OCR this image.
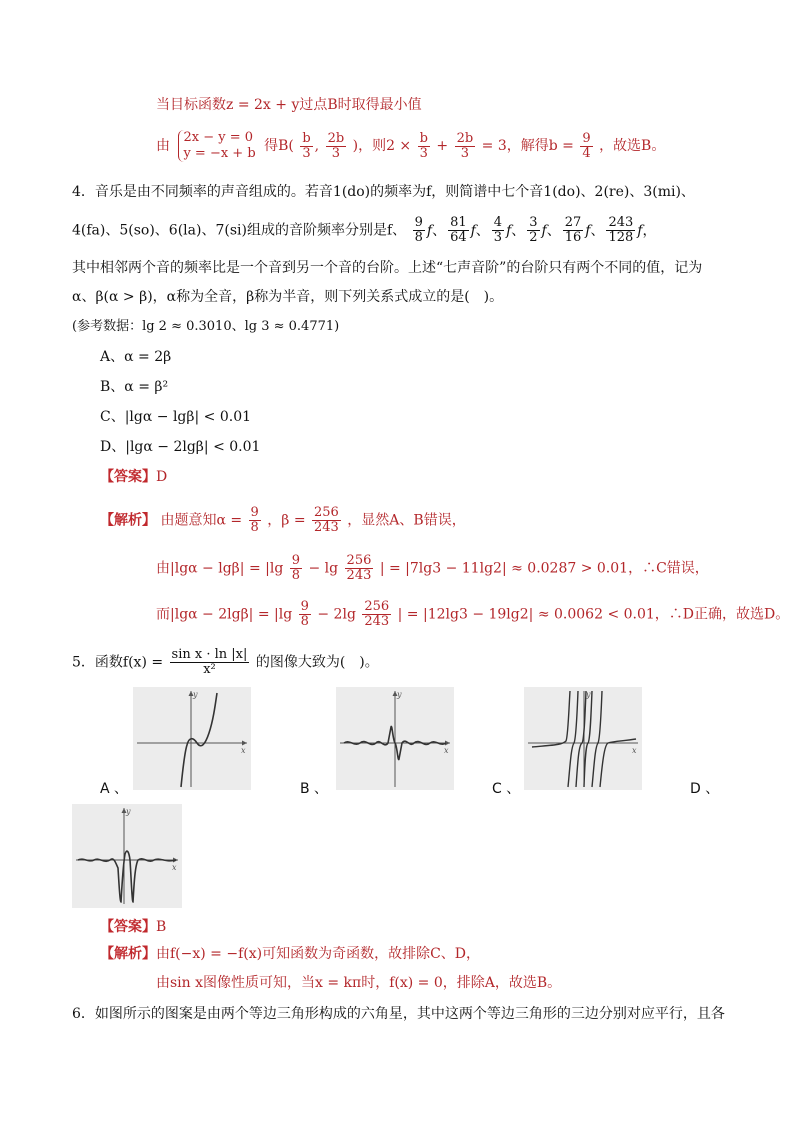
当目标函数z = 2x + y过点B时取得最小值
由
2x − y = 0
y = −x + b 得$B( \frac{b}{3}$ , $\frac{2b}{3}$ )，则$2 \times \frac{b}{3} + \frac{2b}{3} = 3$，解得$b = \frac{9}{4}$ ，故选B。
4．音乐是由不同频率的声音组成的。若音1(do)的频率为f，则简谱中七个音1(do)、2(re)、3(mi)、
4(fa)、5(so)、6(la)、7(si)组成的音阶频率分别是f、 $\frac{9}{8}$ f、 $\frac{81}{64}$ f、 $\frac{4}{3}$ f、 $\frac{3}{2}$ f、 $\frac{27}{16}$ f、 $\frac{243}{128}$ f，
其中相邻两个音的频率比是一个音到另一个音的台阶。上述“七声音阶”的台阶只有两个不同的值，记为
α、β(α > β)，α称为全音，β称为半音，则下列关系式成立的是(　)。
(参考数据：lg 2 ≈ 0.3010、lg 3 ≈ 0.4771)
A、α = 2β
B、α = β²
C、|lgα − lgβ| < 0.01
D、|lgα − 2lgβ| < 0.01
【答案】D
【解析】 由题意知$\alpha = \frac{9}{8}$ ，$\beta = \frac{256}{243}$ ，显然A、B错误，
由$|\lg\alpha - \lg\beta| = |\lg \frac{9}{8} - \lg \frac{256}{243}$ | = |7lg3 − 11lg2| ≈ 0.0287 > 0.01，∴C错误，
而$|\lg\alpha - 2\lg\beta| = |\lg \frac{9}{8} - 2\lg \frac{256}{243}$ | = |12lg3 − 19lg2| ≈ 0.0062 < 0.01，∴D正确，故选D。
5．函数$f(x) = \frac{\text{sin x · ln |x|}}{\text{x²}}$ 的图像大致为(　)。
x
y
A 、
x
y
B 、
x
y
C 、	D 、
x
y
【答案】B
【解析】由f(−x) = −f(x)可知函数为奇函数，故排除C、D，
由sin x图像性质可知，当x = kπ时，f(x) = 0，排除A，故选B。
6．如图所示的图案是由两个等边三角形构成的六角星，其中这两个等边三角形的三边分别对应平行，且各
